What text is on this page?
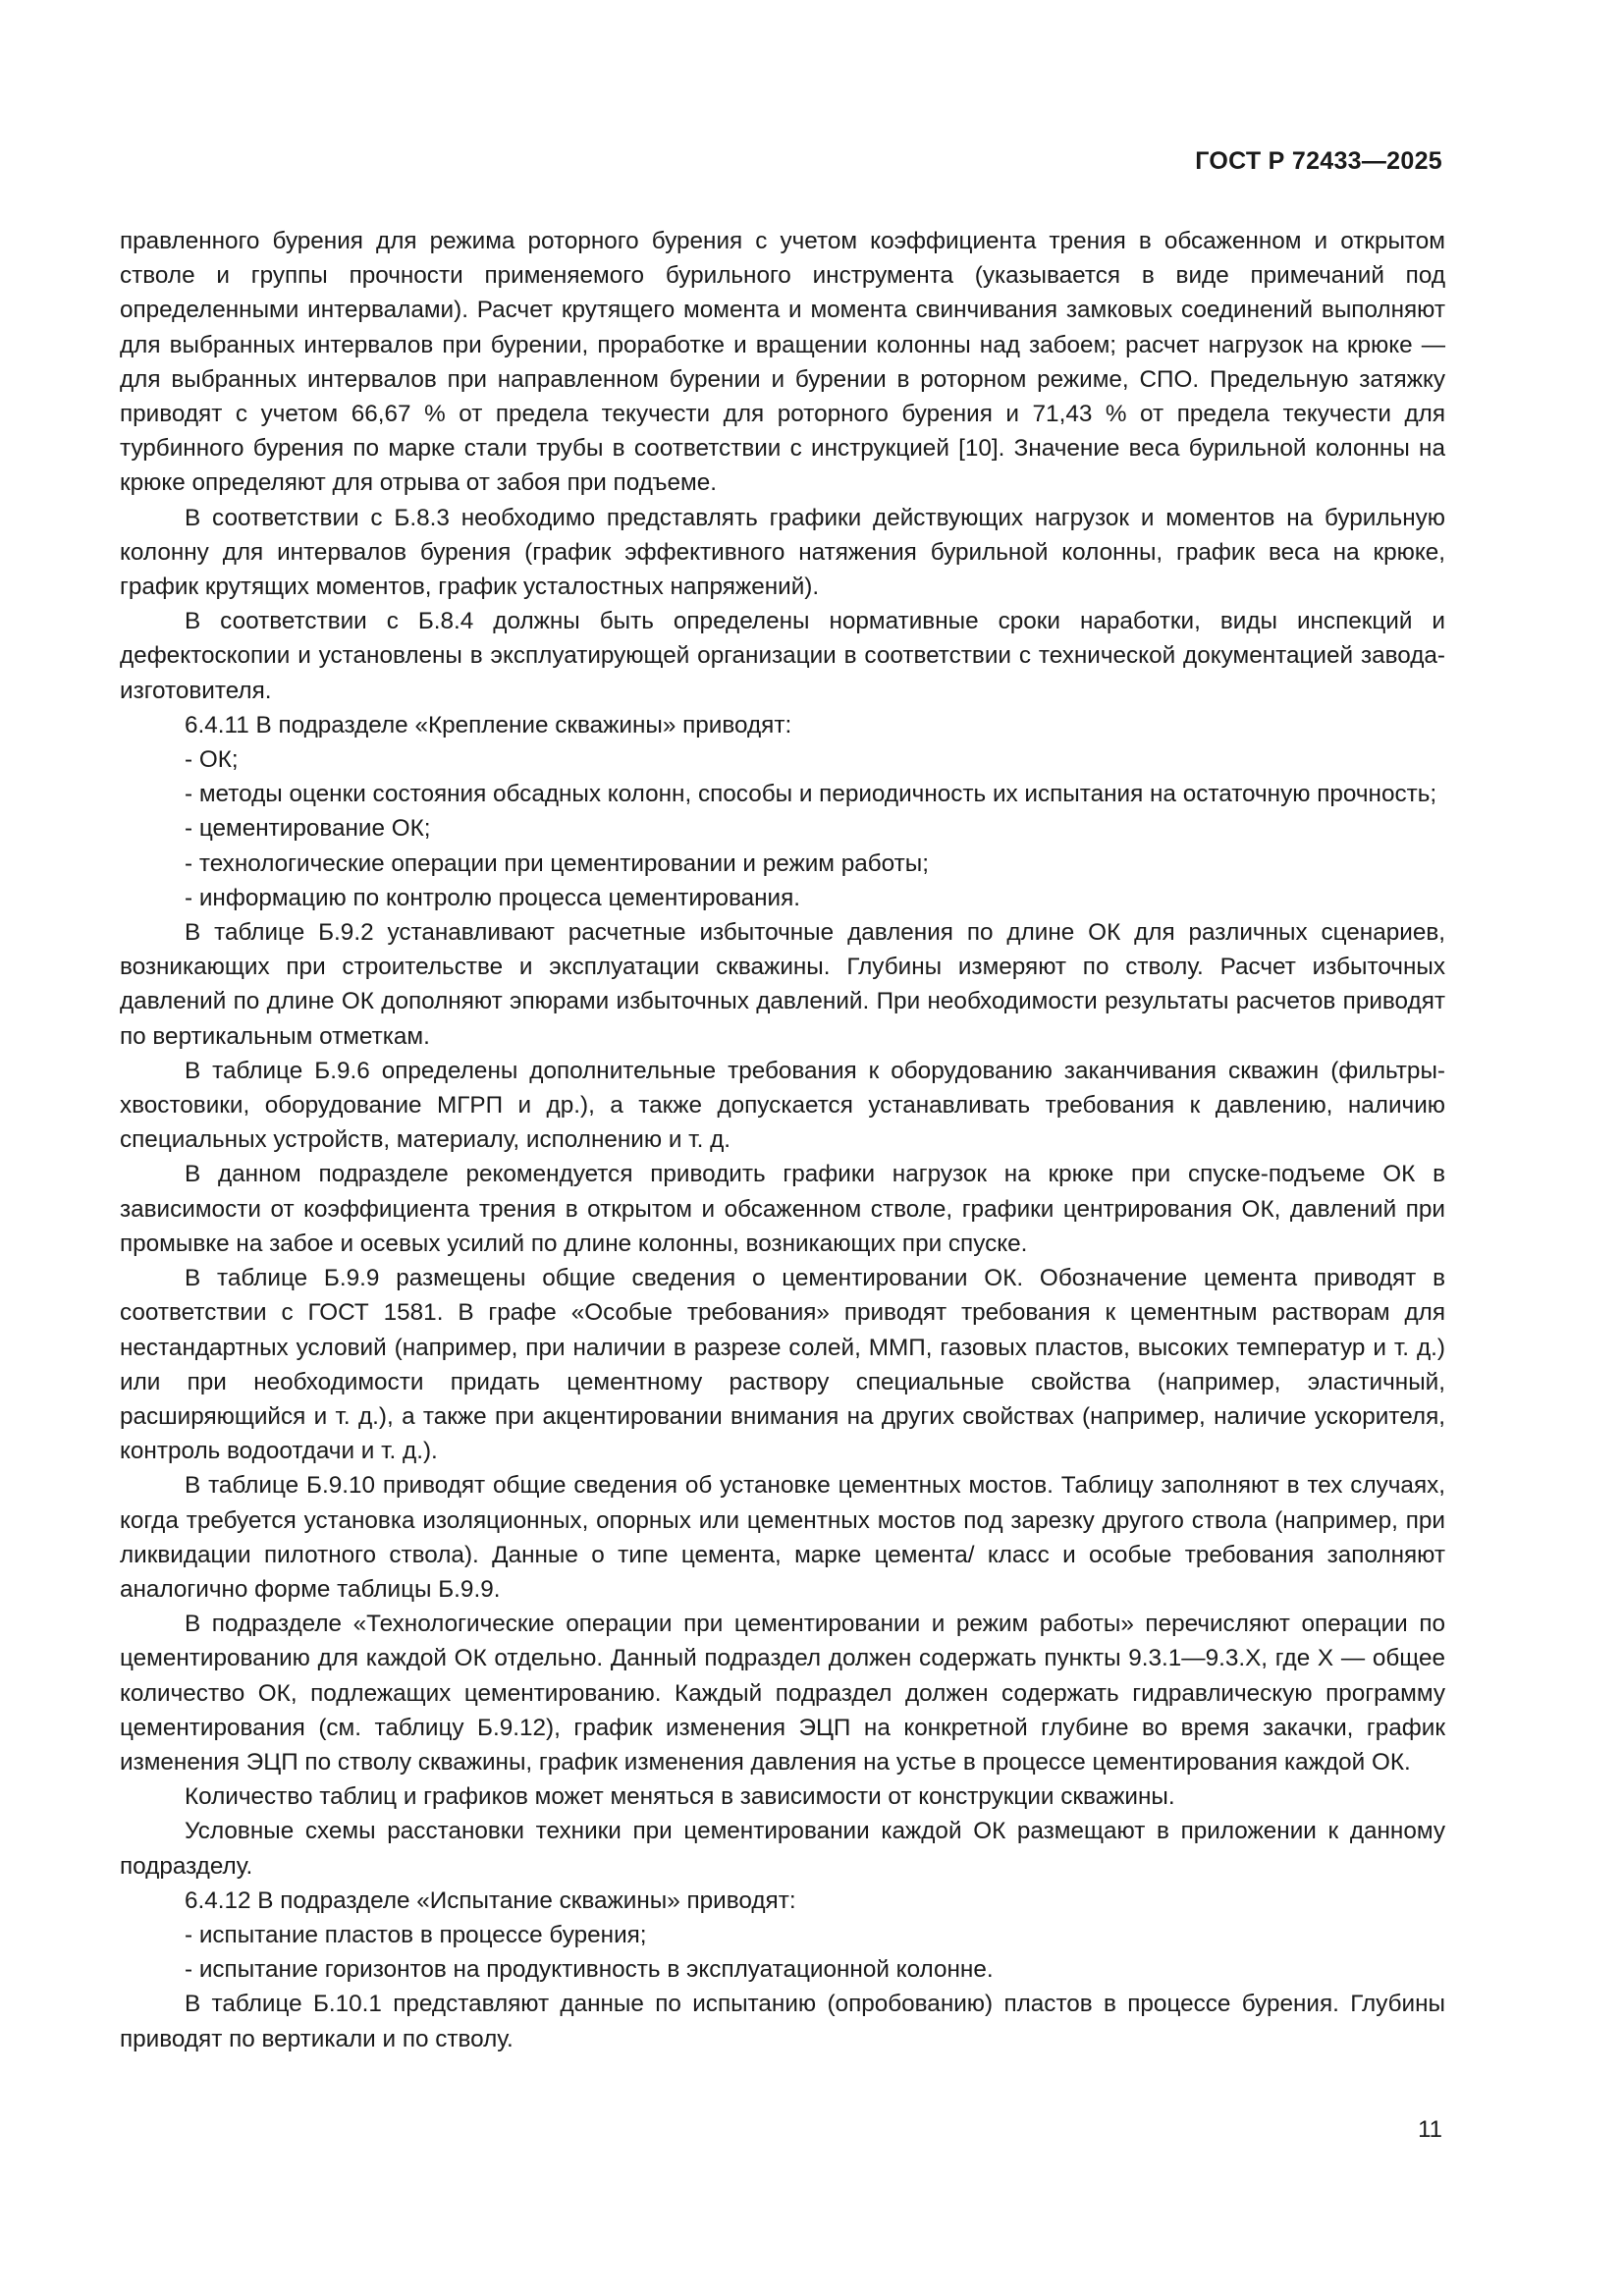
ГОСТ Р 72433—2025

правленного бурения для режима роторного бурения с учетом коэффициента трения в обсаженном и открытом стволе и группы прочности применяемого бурильного инструмента (указывается в виде примечаний под определенными интервалами). Расчет крутящего момента и момента свинчивания замковых соединений выполняют для выбранных интервалов при бурении, проработке и вращении колонны над забоем; расчет нагрузок на крюке — для выбранных интервалов при направленном бурении и бурении в роторном режиме, СПО. Предельную затяжку приводят с учетом 66,67 % от предела текучести для роторного бурения и 71,43 % от предела текучести для турбинного бурения по марке стали трубы в соответствии с инструкцией [10]. Значение веса бурильной колонны на крюке определяют для отрыва от забоя при подъеме.

В соответствии с Б.8.3 необходимо представлять графики действующих нагрузок и моментов на бурильную колонну для интервалов бурения (график эффективного натяжения бурильной колонны, график веса на крюке, график крутящих моментов, график усталостных напряжений).

В соответствии с Б.8.4 должны быть определены нормативные сроки наработки, виды инспекций и дефектоскопии и установлены в эксплуатирующей организации в соответствии с технической документацией завода-изготовителя.

6.4.11 В подразделе «Крепление скважины» приводят:

- ОК;

- методы оценки состояния обсадных колонн, способы и периодичность их испытания на остаточную прочность;

- цементирование ОК;

- технологические операции при цементировании и режим работы;

- информацию по контролю процесса цементирования.

В таблице Б.9.2 устанавливают расчетные избыточные давления по длине ОК для различных сценариев, возникающих при строительстве и эксплуатации скважины. Глубины измеряют по стволу. Расчет избыточных давлений по длине ОК дополняют эпюрами избыточных давлений. При необходимости результаты расчетов приводят по вертикальным отметкам.

В таблице Б.9.6 определены дополнительные требования к оборудованию заканчивания скважин (фильтры-хвостовики, оборудование МГРП и др.), а также допускается устанавливать требования к давлению, наличию специальных устройств, материалу, исполнению и т. д.

В данном подразделе рекомендуется приводить графики нагрузок на крюке при спуске-подъеме ОК в зависимости от коэффициента трения в открытом и обсаженном стволе, графики центрирования ОК, давлений при промывке на забое и осевых усилий по длине колонны, возникающих при спуске.

В таблице Б.9.9 размещены общие сведения о цементировании ОК. Обозначение цемента приводят в соответствии с ГОСТ 1581. В графе «Особые требования» приводят требования к цементным растворам для нестандартных условий (например, при наличии в разрезе солей, ММП, газовых пластов, высоких температур и т. д.) или при необходимости придать цементному раствору специальные свойства (например, эластичный, расширяющийся и т. д.), а также при акцентировании внимания на других свойствах (например, наличие ускорителя, контроль водоотдачи и т. д.).

В таблице Б.9.10 приводят общие сведения об установке цементных мостов. Таблицу заполняют в тех случаях, когда требуется установка изоляционных, опорных или цементных мостов под зарезку другого ствола (например, при ликвидации пилотного ствола). Данные о типе цемента, марке цемента/ класс и особые требования заполняют аналогично форме таблицы Б.9.9.

В подразделе «Технологические операции при цементировании и режим работы» перечисляют операции по цементированию для каждой ОК отдельно. Данный подраздел должен содержать пункты 9.3.1—9.3.X, где X — общее количество ОК, подлежащих цементированию. Каждый подраздел должен содержать гидравлическую программу цементирования (см. таблицу Б.9.12), график изменения ЭЦП на конкретной глубине во время закачки, график изменения ЭЦП по стволу скважины, график изменения давления на устье в процессе цементирования каждой ОК.

Количество таблиц и графиков может меняться в зависимости от конструкции скважины.

Условные схемы расстановки техники при цементировании каждой ОК размещают в приложении к данному подразделу.

6.4.12 В подразделе «Испытание скважины» приводят:

- испытание пластов в процессе бурения;

- испытание горизонтов на продуктивность в эксплуатационной колонне.

В таблице Б.10.1 представляют данные по испытанию (опробованию) пластов в процессе бурения. Глубины приводят по вертикали и по стволу.

11
